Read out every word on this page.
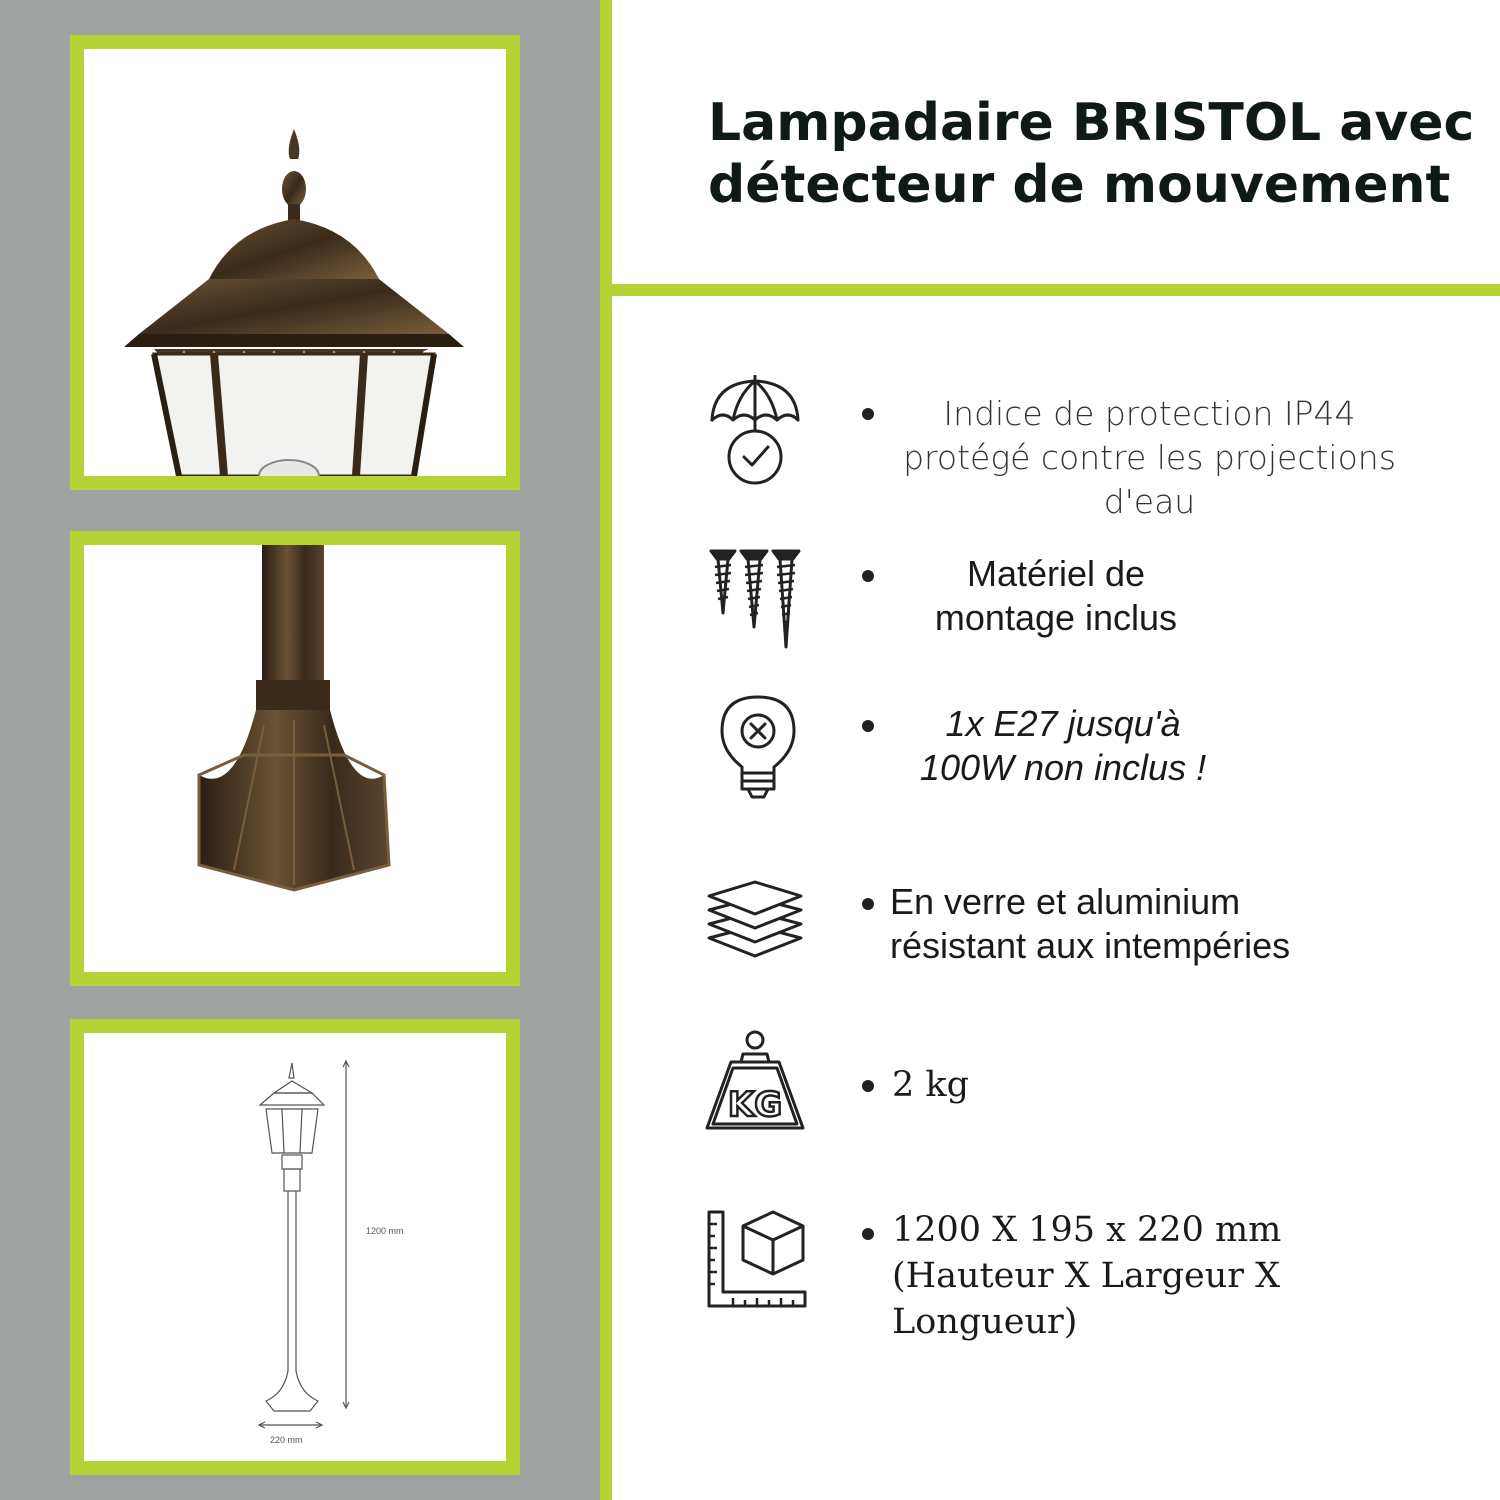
1200 mm
220 mm
Lampadaire BRISTOL avec détecteur de mouvement
Indice de protection IP44 protégé contre les projections d'eau
Matériel de montage inclus
1x E27 jusqu'à 100W non inclus !
En verre et aluminium résistant aux intempéries
KG	2 kg
1200 X 195 x 220 mm (Hauteur X Largeur X Longueur)
